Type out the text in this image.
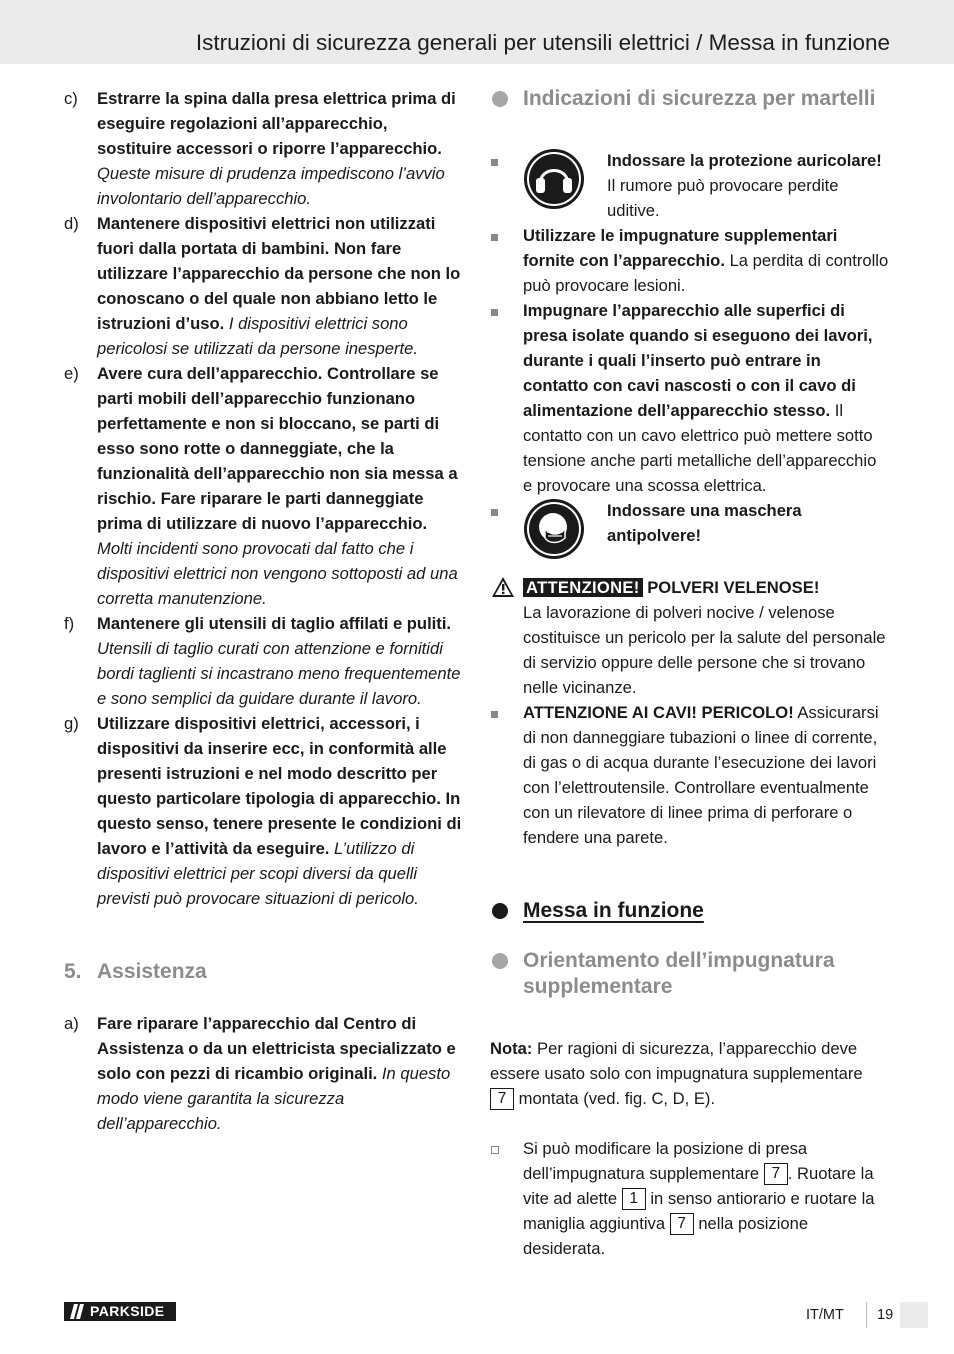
Istruzioni di sicurezza generali per utensili elettrici / Messa in funzione
c) Estrarre la spina dalla presa elettrica prima di eseguire regolazioni all’apparecchio, sostituire accessori o riporre l’apparecchio. Queste misure di prudenza impediscono l’avvio involontario dell’apparecchio.
d) Mantenere dispositivi elettrici non utilizzati fuori dalla portata di bambini. Non fare utilizzare l’apparecchio da persone che non lo conoscano o del quale non abbiano letto le istruzioni d’uso. I dispositivi elettrici sono pericolosi se utilizzati da persone inesperte.
e) Avere cura dell’apparecchio. Controllare se parti mobili dell’apparecchio funzionano perfettamente e non si bloccano, se parti di esso sono rotte o danneggiate, che la funzionalità dell’apparecchio non sia messa a rischio. Fare riparare le parti danneggiate prima di utilizzare di nuovo l’apparecchio. Molti incidenti sono provocati dal fatto che i dispositivi elettrici non vengono sottoposti ad una corretta manutenzione.
f) Mantenere gli utensili di taglio affilati e puliti. Utensili di taglio curati con attenzione e fornitidi bordi taglienti si incastrano meno frequentemente e sono semplici da guidare durante il lavoro.
g) Utilizzare dispositivi elettrici, accessori, i dispositivi da inserire ecc, in conformità alle presenti istruzioni e nel modo descritto per questo particolare tipologia di apparecchio. In questo senso, tenere presente le condizioni di lavoro e l’attività da eseguire. L’utilizzo di dispositivi elettrici per scopi diversi da quelli previsti può provocare situazioni di pericolo.
5. Assistenza
a) Fare riparare l’apparecchio dal Centro di Assistenza o da un elettricista specializzato e solo con pezzi di ricambio originali. In questo modo viene garantita la sicurezza dell’apparecchio.
Indicazioni di sicurezza per martelli
Indossare la protezione auricolare! Il rumore può provocare perdite uditive.
Utilizzare le impugnature supplementari fornite con l’apparecchio. La perdita di controllo può provocare lesioni.
Impugnare l’apparecchio alle superfici di presa isolate quando si eseguono dei lavori, durante i quali l’inserto può entrare in contatto con cavi nascosti o con il cavo di alimentazione dell’apparecchio stesso. Il contatto con un cavo elettrico può mettere sotto tensione anche parti metalliche dell’apparecchio e provocare una scossa elettrica.
Indossare una maschera antipolvere!
ATTENZIONE! POLVERI VELENOSE!
La lavorazione di polveri nocive / velenose costituisce un pericolo per la salute del personale di servizio oppure delle persone che si trovano nelle vicinanze.
ATTENZIONE AI CAVI! PERICOLO! Assicurarsi di non danneggiare tubazioni o linee di corrente, di gas o di acqua durante l’esecuzione dei lavori con l’elettroutensile. Controllare eventualmente con un rilevatore di linee prima di perforare o fendere una parete.
Messa in funzione
Orientamento dell’impugnatura supplementare
Nota: Per ragioni di sicurezza, l’apparecchio deve essere usato solo con impugnatura supplementare 7 montata (ved. fig. C, D, E).
Si può modificare la posizione di presa dell’impugnatura supplementare 7 . Ruotare la vite ad alette 1 in senso antiorario e ruotare la maniglia aggiuntiva 7 nella posizione desiderata.
PARKSIDE	IT/MT 19
